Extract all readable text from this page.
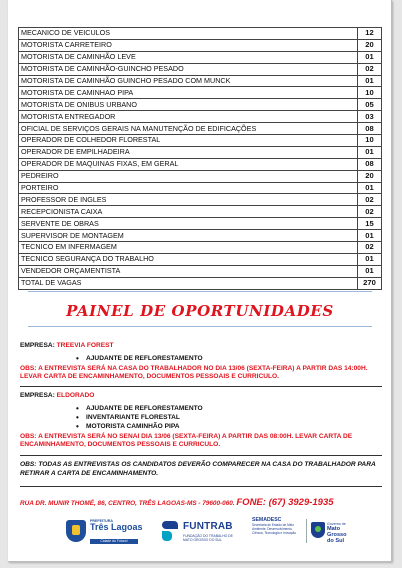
MECANICO DE VEICULOS	12
MOTORISTA CARRETEIRO	20
MOTORISTA DE CAMINHÃO LEVE	01
MOTORISTA DE CAMINHÃO-GUINCHO PESADO	02
MOTORISTA DE CAMINHÃO GUINCHO PESADO COM MUNCK	01
MOTORISTA DE CAMINHAO PIPA	10
MOTORISTA DE ONIBUS URBANO	05
MOTORISTA ENTREGADOR	03
OFICIAL DE SERVIÇOS GERAIS NA MANUTENÇÃO DE EDIFICAÇÕES	08
OPERADOR DE COLHEDOR FLORESTAL	10
OPERADOR DE EMPILHADEIRA	01
OPERADOR DE MAQUINAS FIXAS, EM GERAL	08
PEDREIRO	20
PORTEIRO	01
PROFESSOR DE INGLES	02
RECEPCIONISTA CAIXA	02
SERVENTE DE OBRAS	15
SUPERVISOR DE MONTAGEM	01
TECNICO EM INFERMAGEM	02
TECNICO SEGURANÇA DO TRABALHO	01
VENDEDOR ORÇAMENTISTA	01
TOTAL DE VAGAS	270
PAINEL DE OPORTUNIDADES
EMPRESA: TREEVIA FOREST
• AJUDANTE DE REFLORESTAMENTO
OBS: A ENTREVISTA SERÁ NA CASA DO TRABALHADOR NO DIA 13/06 (SEXTA-FEIRA) A PARTIR DAS 14:00H. LEVAR CARTA DE ENCAMINHAMENTO, DOCUMENTOS PESSOAIS E CURRICULO.
EMPRESA: ELDORADO
• AJUDANTE DE REFLORESTAMENTO
• INVENTARIANTE FLORESTAL
• MOTORISTA CAMINHÃO PIPA
OBS: A ENTREVISTA SERÁ NO SENAI DIA 13/06 (SEXTA-FEIRA) A PARTIR DAS 08:00H. LEVAR CARTA DE ENCAMINHAMENTO, DOCUMENTOS PESSOAIS E CURRICULO.
OBS: TODAS AS ENTREVISTAS OS CANDIDATOS DEVERÃO COMPARECER NA CASA DO TRABALHADOR PARA RETIRAR A CARTA DE ENCAMINHAMENTO.
RUA DR. MUNIR THOMÉ, 86, CENTRO, TRÊS LAGOAS-MS - 79600-060. FONE: (67) 3929-1935
PREFEITURA
Três Lagoas
Cidade do Futuro!
FUNTRAB
FUNDAÇÃO DO TRABALHO DE MATO GROSSO DO SUL
SEMADESC
Secretaria de Estado de Meio Ambiente, Desenvolvimento, Ciência, Tecnologia e Inovação
Governo de
Mato Grosso do Sul
